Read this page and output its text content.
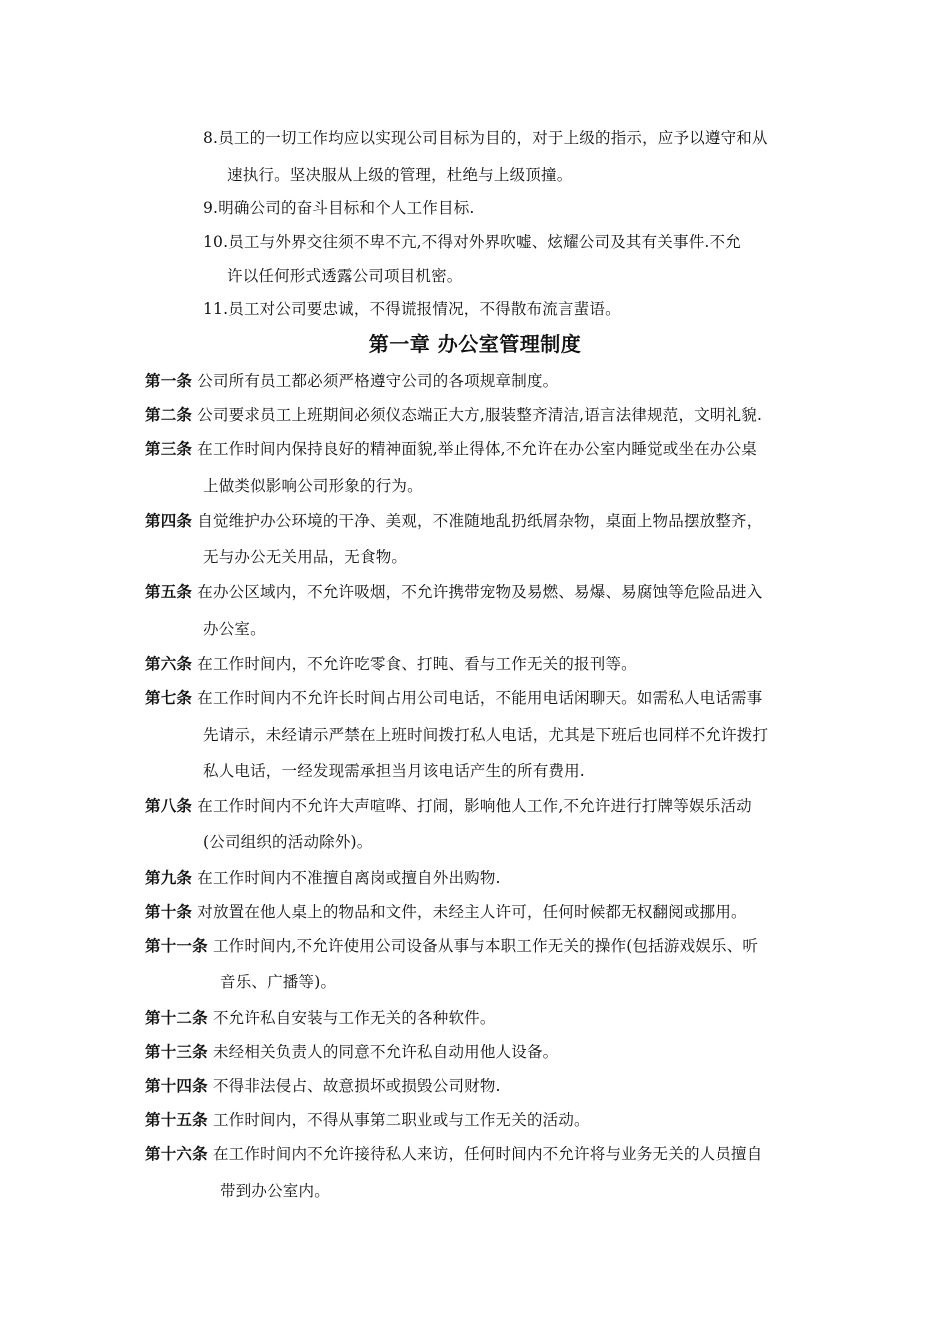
8.员工的一切工作均应以实现公司目标为目的，对于上级的指示，应予以遵守和从
速执行。坚决服从上级的管理，杜绝与上级顶撞。
9.明确公司的奋斗目标和个人工作目标.
10.员工与外界交往须不卑不亢,不得对外界吹嘘、炫耀公司及其有关事件.不允
许以任何形式透露公司项目机密。
11.员工对公司要忠诚，不得谎报情况，不得散布流言蜚语。
第一章 办公室管理制度
第一条 公司所有员工都必须严格遵守公司的各项规章制度。
第二条 公司要求员工上班期间必须仪态端正大方,服装整齐清洁,语言法律规范，文明礼貌.
第三条 在工作时间内保持良好的精神面貌,举止得体,不允许在办公室内睡觉或坐在办公桌
上做类似影响公司形象的行为。
第四条 自觉维护办公环境的干净、美观，不准随地乱扔纸屑杂物，桌面上物品摆放整齐，
无与办公无关用品，无食物。
第五条 在办公区域内，不允许吸烟，不允许携带宠物及易燃、易爆、易腐蚀等危险品进入
办公室。
第六条 在工作时间内，不允许吃零食、打盹、看与工作无关的报刊等。
第七条 在工作时间内不允许长时间占用公司电话，不能用电话闲聊天。如需私人电话需事
先请示，未经请示严禁在上班时间拨打私人电话，尤其是下班后也同样不允许拨打
私人电话，一经发现需承担当月该电话产生的所有费用.
第八条 在工作时间内不允许大声喧哗、打闹，影响他人工作,不允许进行打牌等娱乐活动
(公司组织的活动除外)。
第九条 在工作时间内不准擅自离岗或擅自外出购物.
第十条 对放置在他人桌上的物品和文件，未经主人许可，任何时候都无权翻阅或挪用。
第十一条 工作时间内,不允许使用公司设备从事与本职工作无关的操作(包括游戏娱乐、听
音乐、广播等)。
第十二条 不允许私自安装与工作无关的各种软件。
第十三条 未经相关负责人的同意不允许私自动用他人设备。
第十四条 不得非法侵占、故意损坏或损毁公司财物.
第十五条 工作时间内，不得从事第二职业或与工作无关的活动。
第十六条 在工作时间内不允许接待私人来访，任何时间内不允许将与业务无关的人员擅自
带到办公室内。
